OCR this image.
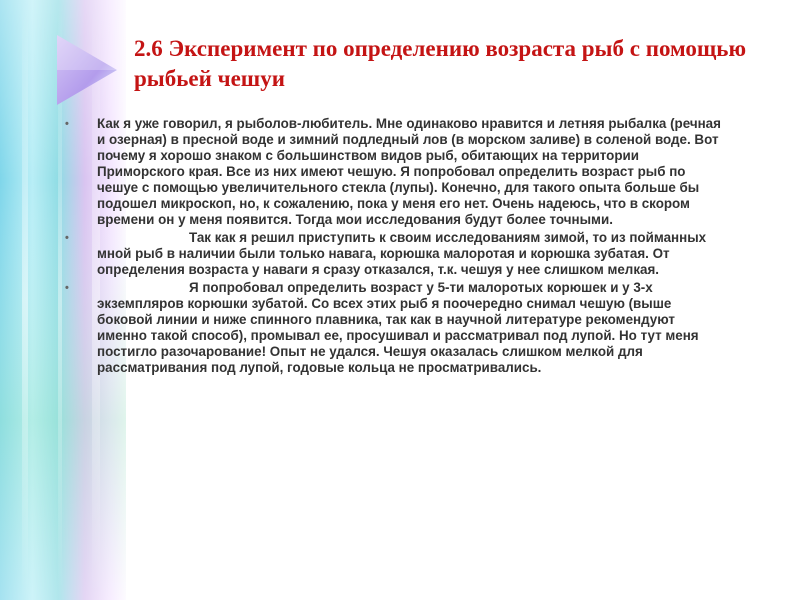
2.6 Эксперимент по определению возраста рыб с помощью рыбьей чешуи
•	Как я уже говорил, я рыболов-любитель. Мне одинаково нравится и летняя рыбалка (речная и озерная) в пресной воде и зимний подледный лов (в морском заливе) в соленой воде. Вот почему я хорошо знаком с большинством видов рыб, обитающих на территории Приморского края. Все из них имеют чешую. Я попробовал определить возраст рыб по чешуе с помощью увеличительного стекла (лупы). Конечно, для такого опыта больше бы подошел микроскоп, но, к сожалению, пока у меня его нет. Очень надеюсь, что в скором времени он у меня появится. Тогда мои исследования будут более точными.
•	Так как я решил приступить к своим исследованиям зимой, то из пойманных мной рыб в наличии были только навага, корюшка малоротая и корюшка зубатая. От определения возраста у наваги я сразу отказался, т.к. чешуя у нее слишком мелкая.
•	Я попробовал определить возраст у 5-ти малоротых корюшек и у 3-х экземпляров корюшки зубатой. Со всех этих рыб я поочередно снимал чешую (выше боковой линии и ниже спинного плавника, так как в научной литературе рекомендуют именно такой способ), промывал ее, просушивал и рассматривал под лупой. Но тут меня постигло разочарование! Опыт не удался. Чешуя оказалась слишком мелкой для рассматривания под лупой, годовые кольца не просматривались.
